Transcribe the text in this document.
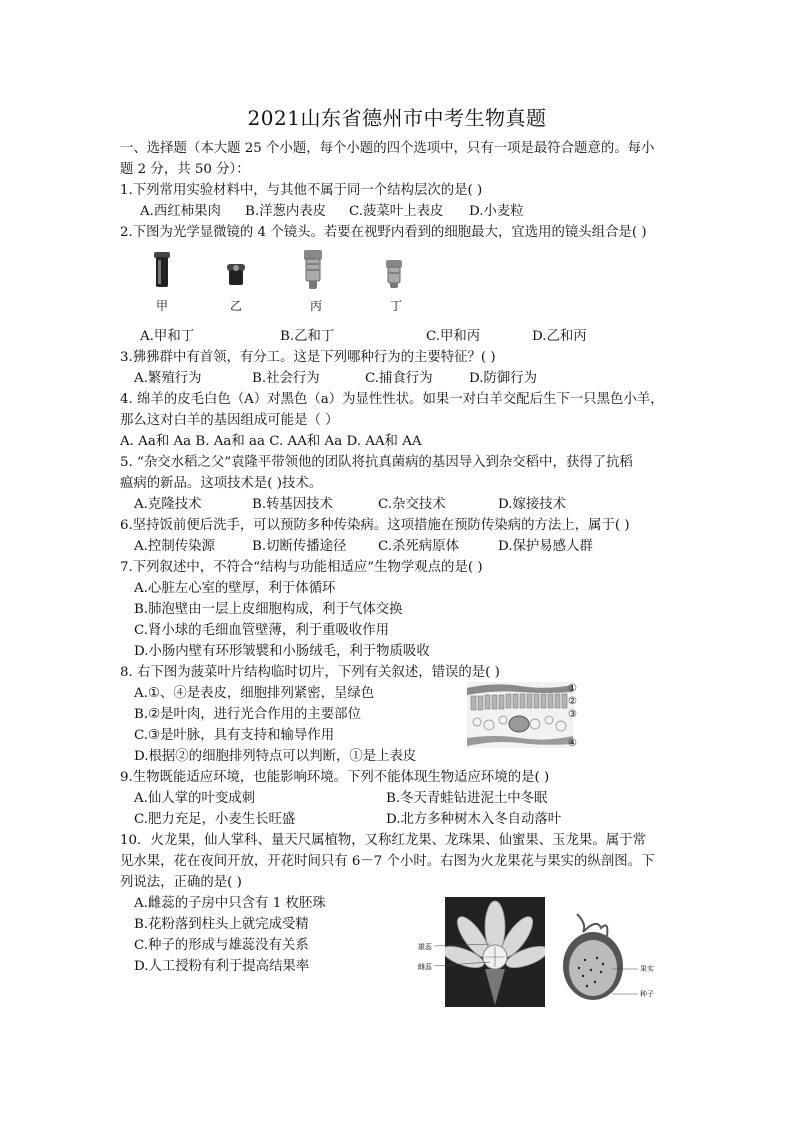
2021山东省德州市中考生物真题
一、选择题（本大题 25 个小题，每个小题的四个选项中，只有一项是最符合题意的。每小
题 2 分，共 50 分）：
1.下列常用实验材料中，与其他不属于同一个结构层次的是( )
A.西红柿果肉 B.洋葱内表皮 C.菠菜叶上表皮 D.小麦粒
2.下图为光学显微镜的 4 个镜头。若要在视野内看到的细胞最大，宜选用的镜头组合是( )
甲	乙	丙	丁
A.甲和丁	B.乙和丁	C.甲和丙	D.乙和丙
3.狒狒群中有首领，有分工。这是下列哪种行为的主要特征？( )
A.繁殖行为	B.社会行为	C.捕食行为	D.防御行为
4. 绵羊的皮毛白色（A）对黑色（a）为显性性状。如果一对白羊交配后生下一只黑色小羊，
那么这对白羊的基因组成可能是（ ）
A. Aa和 Aa B. Aa和 aa C. AA和 Aa D. AA和 AA
5. “杂交水稻之父”袁隆平带领他的团队将抗真菌病的基因导入到杂交稻中，获得了抗稻
瘟病的新品。这项技术是( )技术。
A.克隆技术	B.转基因技术	C.杂交技术	D.嫁接技术
6.坚持饭前便后洗手，可以预防多种传染病。这项措施在预防传染病的方法上，属于( )
A.控制传染源	B.切断传播途径 C.杀死病原体	D.保护易感人群
7.下列叙述中，不符合“结构与功能相适应”生物学观点的是( )
A.心脏左心室的壁厚，利于体循环
B.肺泡壁由一层上皮细胞构成，利于气体交换
C.肾小球的毛细血管壁薄，利于重吸收作用
D.小肠内壁有环形皱襞和小肠绒毛，利于物质吸收
8. 右下图为菠菜叶片结构临时切片，下列有关叙述，错误的是( )
A.①、④是表皮，细胞排列紧密，呈绿色
B.②是叶肉，进行光合作用的主要部位
C.③是叶脉，具有支持和输导作用
D.根据②的细胞排列特点可以判断，①是上表皮
①
②
③
④
9.生物既能适应环境，也能影响环境。下列不能体现生物适应环境的是( )
A.仙人掌的叶变成刺	B.冬天青蛙钻进泥土中冬眠
C.肥力充足，小麦生长旺盛	D.北方多种树木入冬自动落叶
10．火龙果，仙人掌科、量天尺属植物，又称红龙果、龙珠果、仙蜜果、玉龙果。属于常
见水果，花在夜间开放，开花时间只有 6－7 个小时。右图为火龙果花与果实的纵剖图。下
列说法，正确的是( )
A.雌蕊的子房中只含有 1 枚胚珠
B.花粉落到柱头上就完成受精
C.种子的形成与雄蕊没有关系
D.人工授粉有利于提高结果率
雄蕊
雌蕊	果实
种子
